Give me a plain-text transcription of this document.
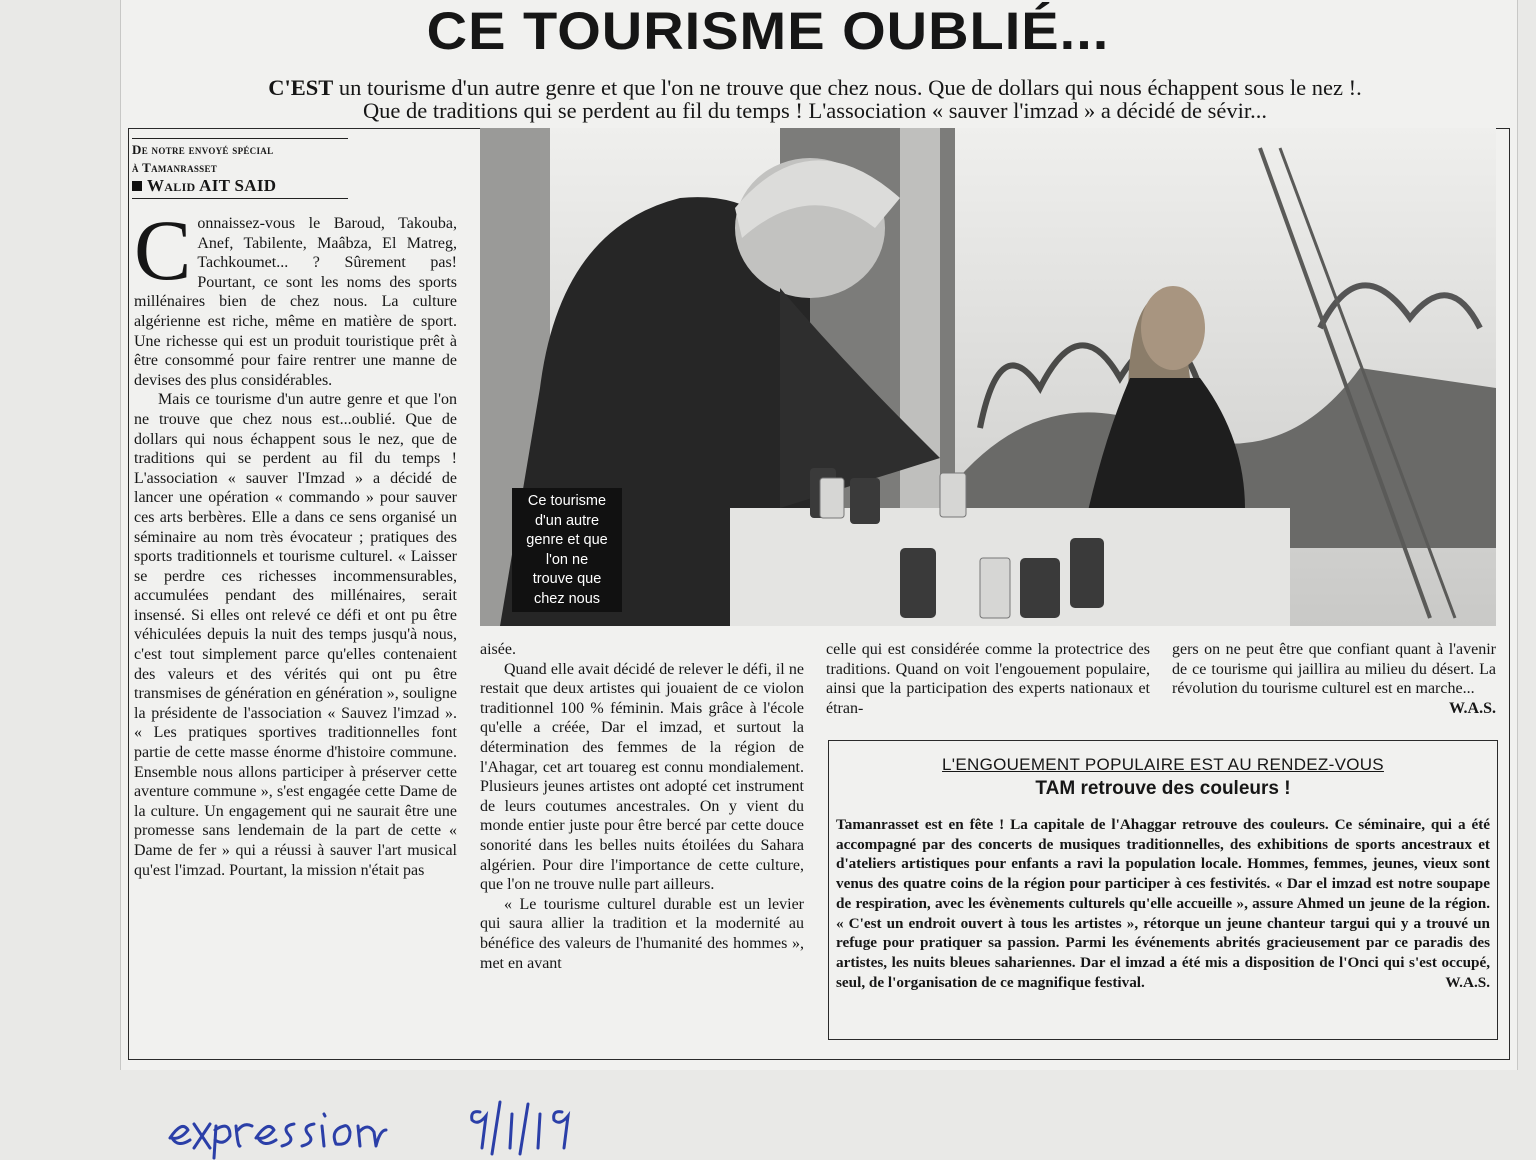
CE TOURISME OUBLIÉ...
C'EST un tourisme d'un autre genre et que l'on ne trouve que chez nous. Que de dollars qui nous échappent sous le nez !.
Que de traditions qui se perdent au fil du temps ! L'association « sauver l'imzad » a décidé de sévir...
De notre envoyé spécial
à Tamanrasset
Walid AIT SAID

Connaissez-vous le Baroud, Takouba, Anef, Tabilente, Maâbza, El Matreg, Tachkoumet... ? Sûrement pas! Pourtant, ce sont les noms des sports millénaires bien de chez nous. La culture algérienne est riche, même en matière de sport. Une richesse qui est un produit touristique prêt à être consommé pour faire rentrer une manne de devises des plus considérables.

Mais ce tourisme d'un autre genre et que l'on ne trouve que chez nous est...oublié. Que de dollars qui nous échappent sous le nez, que de traditions qui se perdent au fil du temps ! L'association « sauver l'Imzad » a décidé de lancer une opération « commando » pour sauver ces arts berbères. Elle a dans ce sens organisé un séminaire au nom très évocateur ; pratiques des sports traditionnels et tourisme culturel. « Laisser se perdre ces richesses incommensurables, accumulées pendant des millénaires, serait insensé. Si elles ont relevé ce défi et ont pu être véhiculées depuis la nuit des temps jusqu'à nous, c'est tout simplement parce qu'elles contenaient des valeurs et des vérités qui ont pu être transmises de génération en génération », souligne la présidente de l'association « Sauvez l'imzad ». « Les pratiques sportives traditionnelles font partie de cette masse énorme d'histoire commune. Ensemble nous allons participer à préserver cette aventure commune », s'est engagée cette Dame de la culture. Un engagement qui ne saurait être une promesse sans lendemain de la part de cette « Dame de fer » qui a réussi à sauver l'art musical qu'est l'imzad. Pourtant, la mission n'était pas

Ce tourisme
d'un autre
genre et que
l'on ne
trouve que
chez nous

aisée.

Quand elle avait décidé de relever le défi, il ne restait que deux artistes qui jouaient de ce violon traditionnel 100 % féminin. Mais grâce à l'école qu'elle a créée, Dar el imzad, et surtout la détermination des femmes de la région de l'Ahagar, cet art touareg est connu mondialement. Plusieurs jeunes artistes ont adopté cet instrument de leurs coutumes ancestrales. On y vient du monde entier juste pour être bercé par cette douce sonorité dans les belles nuits étoilées du Sahara algérien. Pour dire l'importance de cette culture, que l'on ne trouve nulle part ailleurs.

« Le tourisme culturel durable est un levier qui saura allier la tradition et la modernité au bénéfice des valeurs de l'humanité des hommes », met en avant

celle qui est considérée comme la protectrice des traditions. Quand on voit l'engouement populaire, ainsi que la participation des experts nationaux et étran-

gers on ne peut être que confiant quant à l'avenir de ce tourisme qui jaillira au milieu du désert. La révolution du tourisme culturel est en marche...
W.A.S.

L'ENGOUEMENT POPULAIRE EST AU RENDEZ-VOUS
TAM retrouve des couleurs !
Tamanrasset est en fête ! La capitale de l'Ahaggar retrouve des couleurs. Ce séminaire, qui a été accompagné par des concerts de musiques traditionnelles, des exhibitions de sports ancestraux et d'ateliers artistiques pour enfants a ravi la population locale. Hommes, femmes, jeunes, vieux sont venus des quatre coins de la région pour participer à ces festivités. « Dar el imzad est notre soupape de respiration, avec les évènements culturels qu'elle accueille », assure Ahmed un jeune de la région. « C'est un endroit ouvert à tous les artistes », rétorque un jeune chanteur targui qui y a trouvé un refuge pour pratiquer sa passion. Parmi les événements abrités gracieusement par ce paradis des artistes, les nuits bleues sahariennes. Dar el imzad a été mis a disposition de l'Onci qui s'est occupé, seul, de l'organisation de ce magnifique festival.	W.A.S.
